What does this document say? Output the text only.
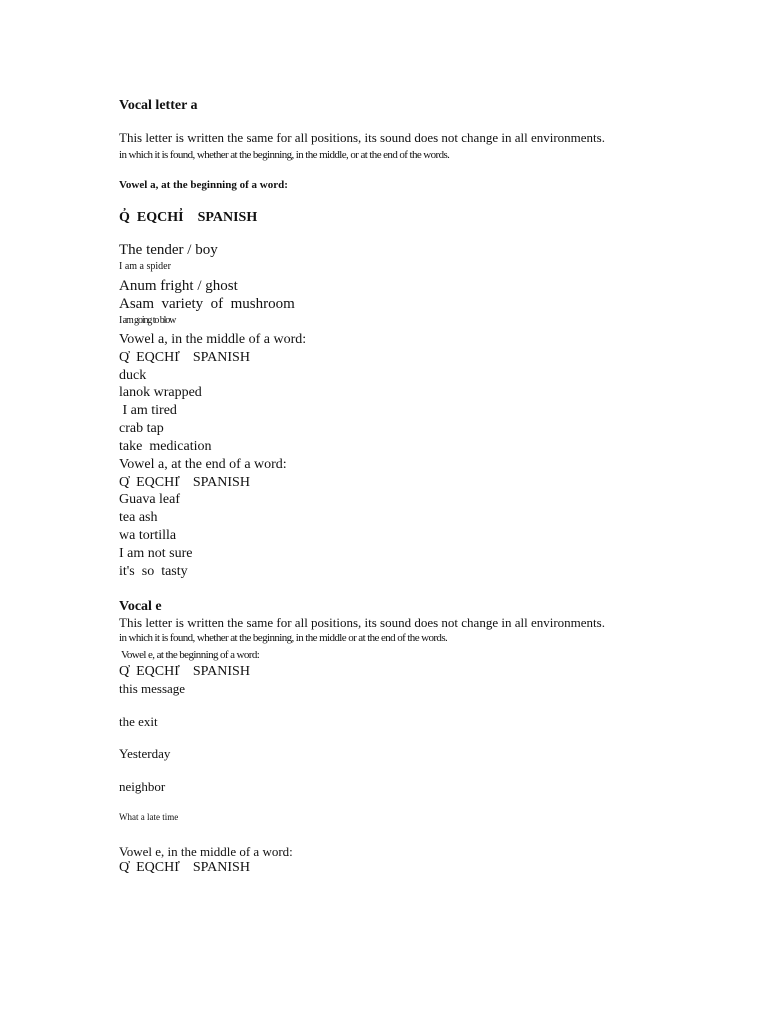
Vocal letter a
This letter is written the same for all positions, its sound does not change in all environments.
in which it is found, whether at the beginning, in the middle, or at the end of the words.
Vowel a, at the beginning of a word:
Q̓  EQCHI̓    SPANISH
The tender / boy
I am a spider
Anum fright / ghost
Asam  variety  of  mushroom
I am going to blow
Vowel a, in the middle of a word:
Q̓  EQCHI̓    SPANISH
duck
lanok wrapped
I am tired
crab tap
take  medication
Vowel a, at the end of a word:
Q̓  EQCHI̓    SPANISH
Guava leaf
tea ash
wa tortilla
I am not sure
it's  so  tasty
Vocal e
This letter is written the same for all positions, its sound does not change in all environments.
in which it is found, whether at the beginning, in the middle or at the end of the words.
Vowel e, at the beginning of a word:
Q̓  EQCHI̓    SPANISH
this message
the exit
Yesterday
neighbor
What a late time
Vowel e, in the middle of a word:
Q̓  EQCHI̓    SPANISH
